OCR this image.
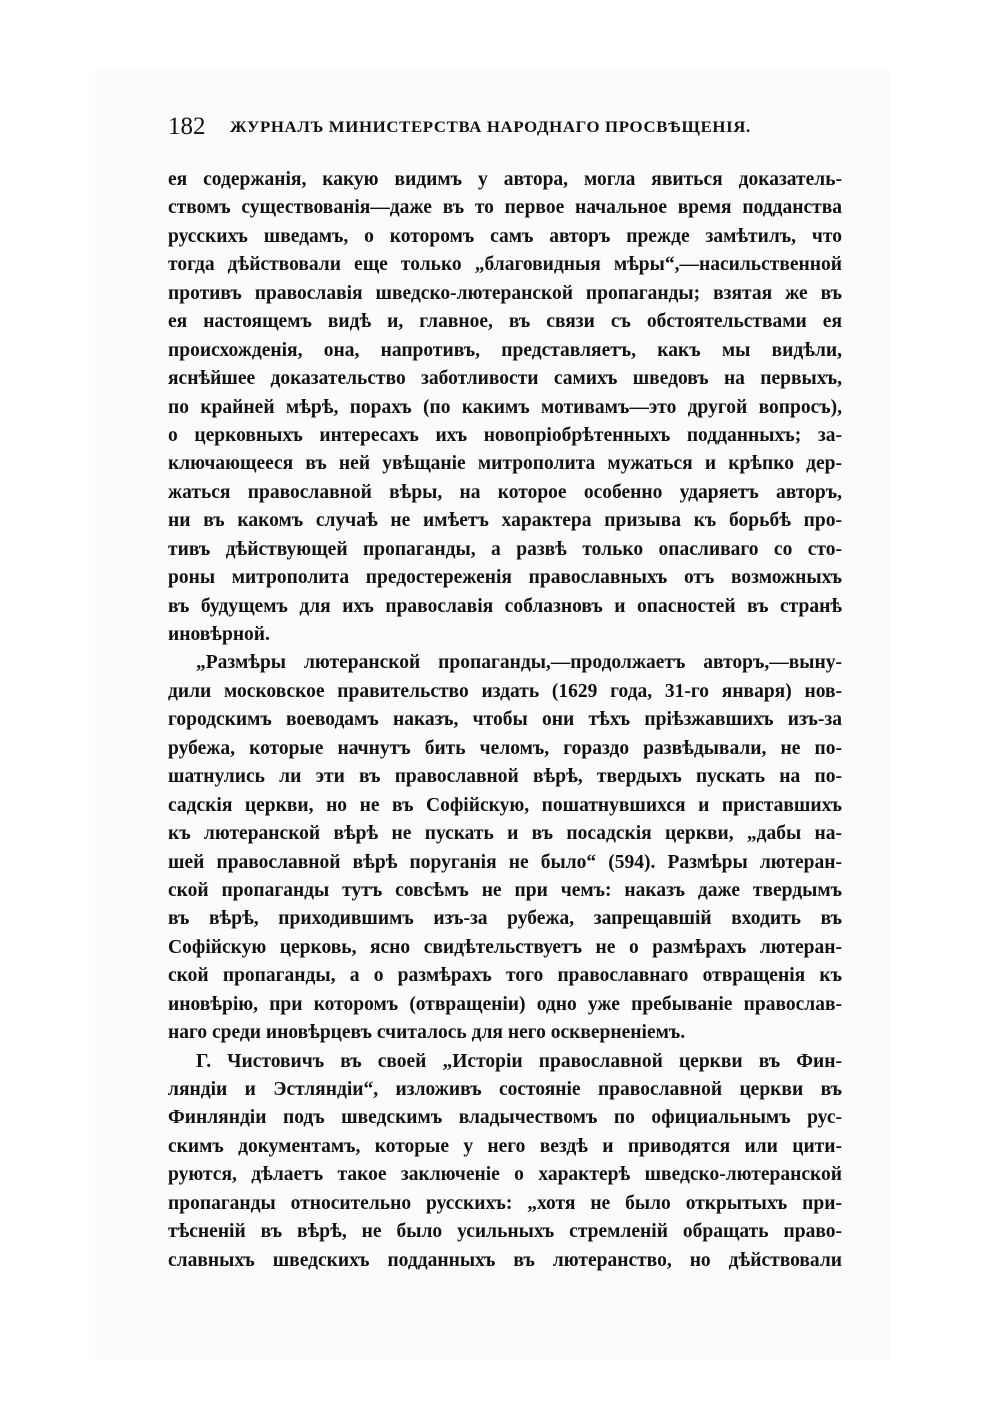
182 ЖУРНАЛЪ МИНИСТЕРСТВА НАРОДНАГО ПРОСВѢЩЕНІЯ.
ея содержанія, какую видимъ у автора, могла явиться доказатель-
ствомъ существованія—даже въ то первое начальное время подданства
русскихъ шведамъ, о которомъ самъ авторъ прежде замѣтилъ, что
тогда дѣйствовали еще только „благовидныя мѣры“,—насильственной
противъ православія шведско-лютеранской пропаганды; взятая же въ
ея настоящемъ видѣ и, главное, въ связи съ обстоятельствами ея
происхожденія, она, напротивъ, представляетъ, какъ мы видѣли,
яснѣйшее доказательство заботливости самихъ шведовъ на первыхъ,
по крайней мѣрѣ, порахъ (по какимъ мотивамъ—это другой вопросъ),
о церковныхъ интересахъ ихъ новопріобрѣтенныхъ подданныхъ; за-
ключающееся въ ней увѣщаніе митрополита мужаться и крѣпко дер-
жаться православной вѣры, на которое особенно ударяетъ авторъ,
ни въ какомъ случаѣ не имѣетъ характера призыва къ борьбѣ про-
тивъ дѣйствующей пропаганды, а развѣ только опасливаго со сто-
роны митрополита предостереженія православныхъ отъ возможныхъ
въ будущемъ для ихъ православія соблазновъ и опасностей въ странѣ
иновѣрной.
„Размѣры лютеранской пропаганды,—продолжаетъ авторъ,—выну-
дили московское правительство издать (1629 года, 31-го января) нов-
городскимъ воеводамъ наказъ, чтобы они тѣхъ пріѣзжавшихъ изъ-за
рубежа, которые начнутъ бить челомъ, гораздо развѣдывали, не по-
шатнулись ли эти въ православной вѣрѣ, твердыхъ пускать на по-
садскія церкви, но не въ Софійскую, пошатнувшихся и приставшихъ
къ лютеранской вѣрѣ не пускать и въ посадскія церкви, „дабы на-
шей православной вѣрѣ поруганія не было“ (594). Размѣры лютеран-
ской пропаганды тутъ совсѣмъ не при чемъ: наказъ даже твердымъ
въ вѣрѣ, приходившимъ изъ-за рубежа, запрещавшій входить въ
Софійскую церковь, ясно свидѣтельствуетъ не о размѣрахъ лютеран-
ской пропаганды, а о размѣрахъ того православнаго отвращенія къ
иновѣрію, при которомъ (отвращеніи) одно уже пребываніе православ-
наго среди иновѣрцевъ считалось для него оскверненіемъ.
Г. Чистовичъ въ своей „Исторіи православной церкви въ Фин-
ляндіи и Эстляндіи“, изложивъ состояніе православной церкви въ
Финляндіи подъ шведскимъ владычествомъ по официальнымъ рус-
скимъ документамъ, которые у него вездѣ и приводятся или цити-
руются, дѣлаетъ такое заключеніе о характерѣ шведско-лютеранской
пропаганды относительно русскихъ: „хотя не было открытыхъ при-
тѣсненій въ вѣрѣ, не было усильныхъ стремленій обращать право-
славныхъ шведскихъ подданныхъ въ лютеранство, но дѣйствовали
